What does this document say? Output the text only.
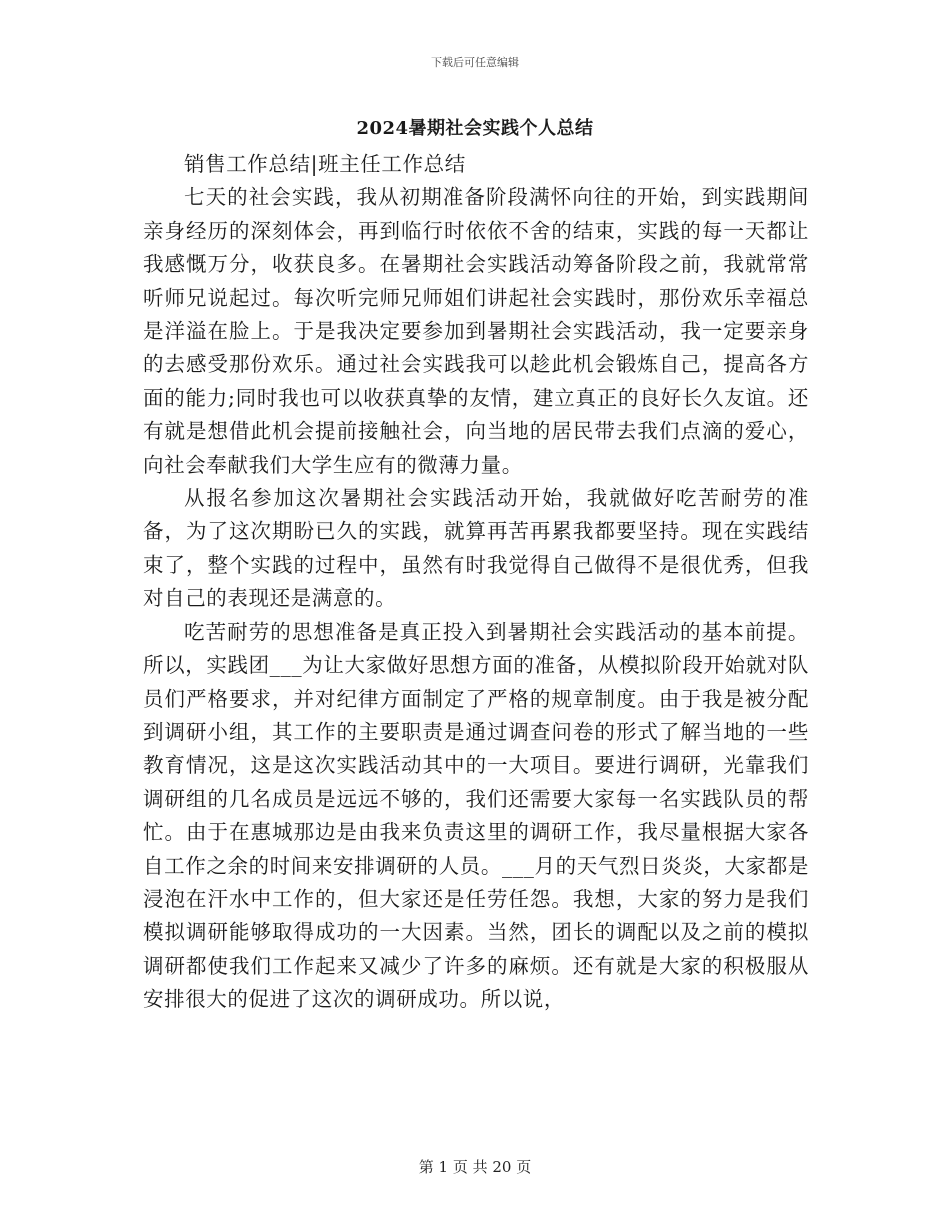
下载后可任意编辑
2024暑期社会实践个人总结

销售工作总结|班主任工作总结

七天的社会实践，我从初期准备阶段满怀向往的开始，到实践期间亲身经历的深刻体会，再到临行时依依不舍的结束，实践的每一天都让我感慨万分，收获良多。在暑期社会实践活动筹备阶段之前，我就常常听师兄说起过。每次听完师兄师姐们讲起社会实践时，那份欢乐幸福总是洋溢在脸上。于是我决定要参加到暑期社会实践活动，我一定要亲身的去感受那份欢乐。通过社会实践我可以趁此机会锻炼自己，提高各方面的能力;同时我也可以收获真挚的友情，建立真正的良好长久友谊。还有就是想借此机会提前接触社会，向当地的居民带去我们点滴的爱心，向社会奉献我们大学生应有的微薄力量。

从报名参加这次暑期社会实践活动开始，我就做好吃苦耐劳的准备，为了这次期盼已久的实践，就算再苦再累我都要坚持。现在实践结束了，整个实践的过程中，虽然有时我觉得自己做得不是很优秀，但我对自己的表现还是满意的。

吃苦耐劳的思想准备是真正投入到暑期社会实践活动的基本前提。所以，实践团___为让大家做好思想方面的准备，从模拟阶段开始就对队员们严格要求，并对纪律方面制定了严格的规章制度。由于我是被分配到调研小组，其工作的主要职责是通过调查问卷的形式了解当地的一些教育情况，这是这次实践活动其中的一大项目。要进行调研，光靠我们调研组的几名成员是远远不够的，我们还需要大家每一名实践队员的帮忙。由于在惠城那边是由我来负责这里的调研工作，我尽量根据大家各自工作之余的时间来安排调研的人员。___月的天气烈日炎炎，大家都是浸泡在汗水中工作的，但大家还是任劳任怨。我想，大家的努力是我们模拟调研能够取得成功的一大因素。当然，团长的调配以及之前的模拟调研都使我们工作起来又减少了许多的麻烦。还有就是大家的积极服从安排很大的促进了这次的调研成功。所以说，

第 1 页 共 20 页
